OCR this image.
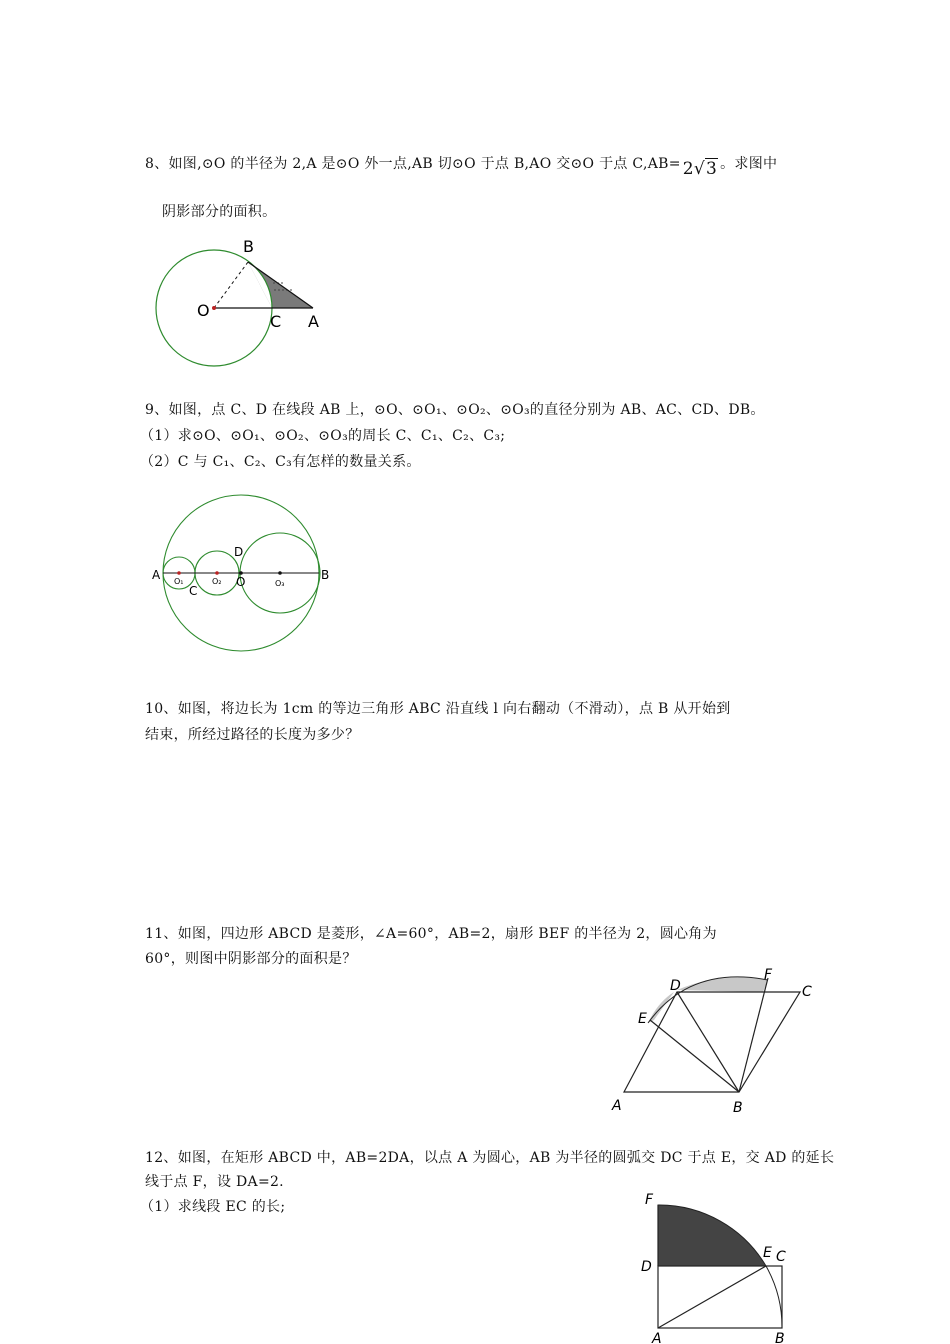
8、如图,⊙O 的半径为 2,A 是⊙O 外一点,AB 切⊙O 于点 B,AO 交⊙O 于点 C,AB= 2√3 。求图中
阴影部分的面积。
B
O
C A
9、如图，点 C、D 在线段 AB 上，⊙O、⊙O₁、⊙O₂、⊙O₃的直径分别为 AB、AC、CD、DB。
（1）求⊙O、⊙O₁、⊙O₂、⊙O₃的周长 C、C₁、C₂、C₃;
（2）C 与 C₁、C₂、C₃有怎样的数量关系。
A	B
C
D
O
O₁	O₂	O₃
10、如图，将边长为 1cm 的等边三角形 ABC 沿直线 l 向右翻动（不滑动），点 B 从开始到
结束，所经过路径的长度为多少？
11、如图，四边形 ABCD 是菱形，∠A=60°，AB=2，扇形 BEF 的半径为 2，圆心角为
60°，则图中阴影部分的面积是？
A	B
C
D
E
F
12、如图，在矩形 ABCD 中，AB=2DA，以点 A 为圆心，AB 为半径的圆弧交 DC 于点 E，交 AD 的延长
线于点 F，设 DA=2.
（1）求线段 EC 的长;	F
D
E C
A	B
